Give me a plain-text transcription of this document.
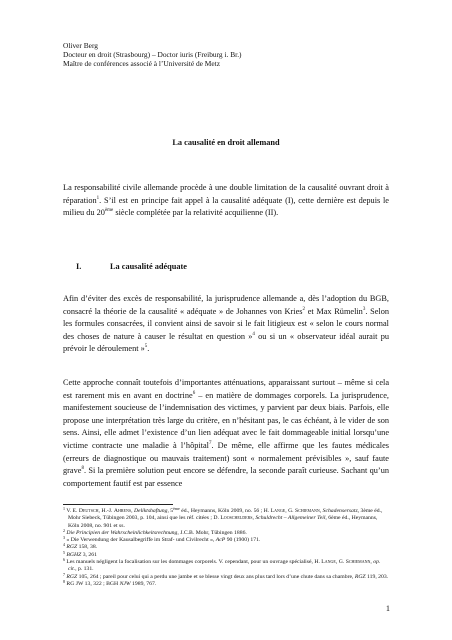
Oliver Berg
Docteur en droit (Strasbourg) – Doctor iuris (Freiburg i. Br.)
Maître de conférences associé à l’Université de Metz
La causalité en droit allemand

La responsabilité civile allemande procède à une double limitation de la causalité ouvrant droit à réparation$^1$. S’il est en principe fait appel à la causalité adéquate (I), cette dernière est depuis le milieu du 20ème siècle complétée par la relativité acquilienne (II).

I.	La causalité adéquate

Afin d’éviter des excès de responsabilité, la jurisprudence allemande a, dès l’adoption du BGB, consacré la théorie de la causalité « adéquate » de Johannes von Kries$^2$ et Max Rümelin$^3$. Selon les formules consacrées, il convient ainsi de savoir si le fait litigieux est « selon le cours normal des choses de nature à causer le résultat en question »$^4$ ou si un « observateur idéal aurait pu prévoir le déroulement »$^5$.

Cette approche connaît toutefois d’importantes atténuations, apparaissant surtout – même si cela est rarement mis en avant en doctrine$^6$ – en matière de dommages corporels. La jurisprudence, manifestement soucieuse de l’indemnisation des victimes, y parvient par deux biais. Parfois, elle propose une interprétation très large du critère, en n’hésitant pas, le cas échéant, à le vider de son sens. Ainsi, elle admet l’existence d’un lien adéquat avec le fait dommageable initial lorsqu’une victime contracte une maladie à l’hôpital$^7$. De même, elle affirme que les fautes médicales (erreurs de diagnostique ou mauvais traitement) sont « normalement prévisibles », sauf faute grave$^8$. Si la première solution peut encore se défendre, la seconde paraît curieuse. Sachant qu’un comportement fautif est par essence

$^1$ V. E. Deutsch, H.-J. Ahrens, Deliktshaftung, 5ème éd., Heymanns, Köln 2009, no. 56 ; H. Lange, G. Schiemann, Schadensersatz, 3ème éd., Mohr Siebeck, Tübingen 2003, p. 104, ainsi que les réf. citées ; D. Looschelders, Schuldrecht – Allgemeiner Teil, 6ème éd., Heymanns, Köln 2008, no. 901 et ss.
$^2$ Die Principien der Wahrscheinlichkeitsrechnung, J.C.B. Mohr, Tübingen 1886.
$^3$ « Die Verwendung der Kausalbegriffe im Straf- und Civilrecht », AcP 90 (1900) 171.
$^4$ RGZ 158, 38.
$^5$ BGHZ 3, 261
$^6$ Les manuels négligent la focalisation sur les dommages corporels. V. cependant, pour un ouvrage spécialisé, H. Lange, G. Schiemann, op. cit., p. 131.
$^7$ RGZ 105, 264 ; pareil pour celui qui a perdu une jambe et se blesse vingt deux ans plus tard lors d’une chute dans sa chambre, RGZ 119, 203.
$^8$ RG JW 13, 322 ; BGH NJW 1989, 767.
1
